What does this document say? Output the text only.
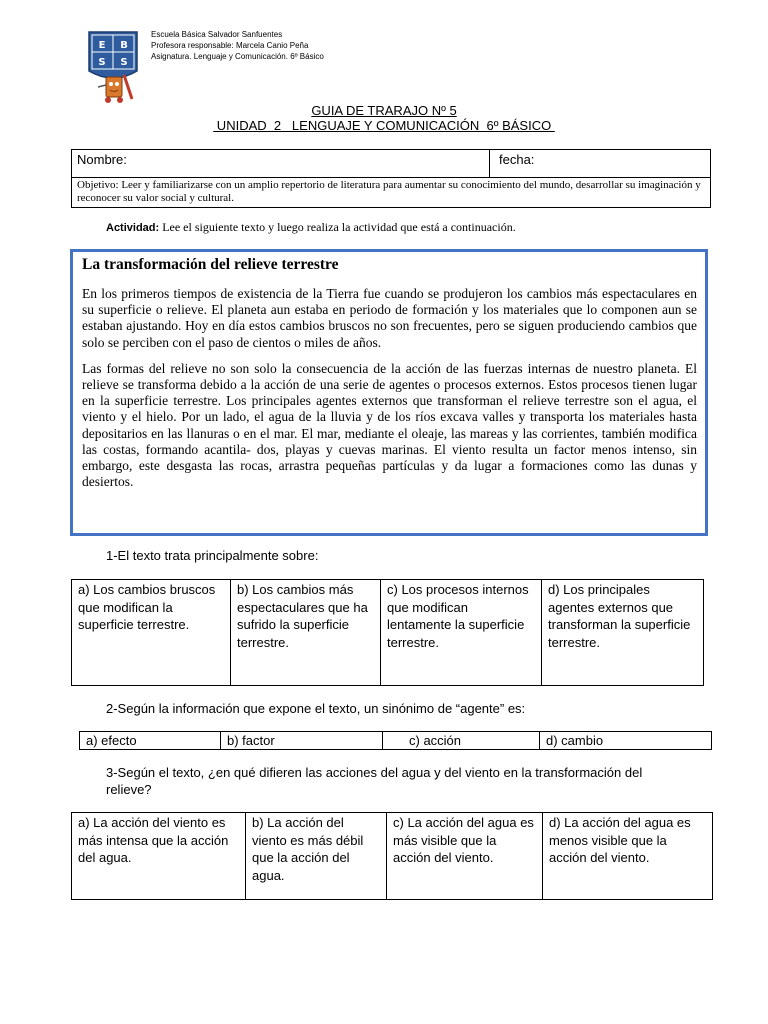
E B
S S
Escuela Básica Salvador Sanfuentes
Profesora responsable: Marcela Canio Peña
Asignatura. Lenguaje y Comunicación. 6º Básico
GUIA DE TRARAJO Nº 5
UNIDAD  2   LENGUAJE Y COMUNICACIÓN  6º BÁSICO
Nombre:	fecha:
Objetivo: Leer y familiarizarse con un amplio repertorio de literatura para aumentar su conocimiento del mundo, desarrollar su imaginación y reconocer su valor social y cultural.
Actividad: Lee el siguiente texto y luego realiza la actividad que está a continuación.
La transformación del relieve terrestre

En los primeros tiempos de existencia de la Tierra fue cuando se produjeron los cambios más espectaculares en su superficie o relieve. El planeta aun estaba en periodo de formación y los materiales que lo componen aun se estaban ajustando. Hoy en día estos cambios bruscos no son frecuentes, pero se siguen produciendo cambios que solo se perciben con el paso de cientos o miles de años.

Las formas del relieve no son solo la consecuencia de la acción de las fuerzas internas de nuestro planeta. El relieve se transforma debido a la acción de una serie de agentes o procesos externos. Estos procesos tienen lugar en la superficie terrestre. Los principales agentes externos que transforman el relieve terrestre son el agua, el viento y el hielo. Por un lado, el agua de la lluvia y de los ríos excava valles y transporta los materiales hasta depositarios en las llanuras o en el mar. El mar, mediante el oleaje, las mareas y las corrientes, también modifica las costas, formando acantila- dos, playas y cuevas marinas. El viento resulta un factor menos intenso, sin embargo, este desgasta las rocas, arrastra pequeñas partículas y da lugar a formaciones como las dunas y desiertos.

1-El texto trata principalmente sobre:
a) Los cambios bruscos que modifican la superficie terrestre.	b) Los cambios más espectaculares que ha sufrido la superficie terrestre.	c) Los procesos internos que modifican lentamente la superficie terrestre.	d) Los principales agentes externos que transforman la superficie terrestre.
2-Según la información que expone el texto, un sinónimo de “agente” es:
a) efecto	b) factor	c) acción	d) cambio
3-Según el texto, ¿en qué difieren las acciones del agua y del viento en la transformación del relieve?
a) La acción del viento es más intensa que la acción del agua.	b) La acción del viento es más débil que la acción del agua.	c) La acción del agua es más visible que la acción del viento.	d) La acción del agua es menos visible que la acción del viento.
